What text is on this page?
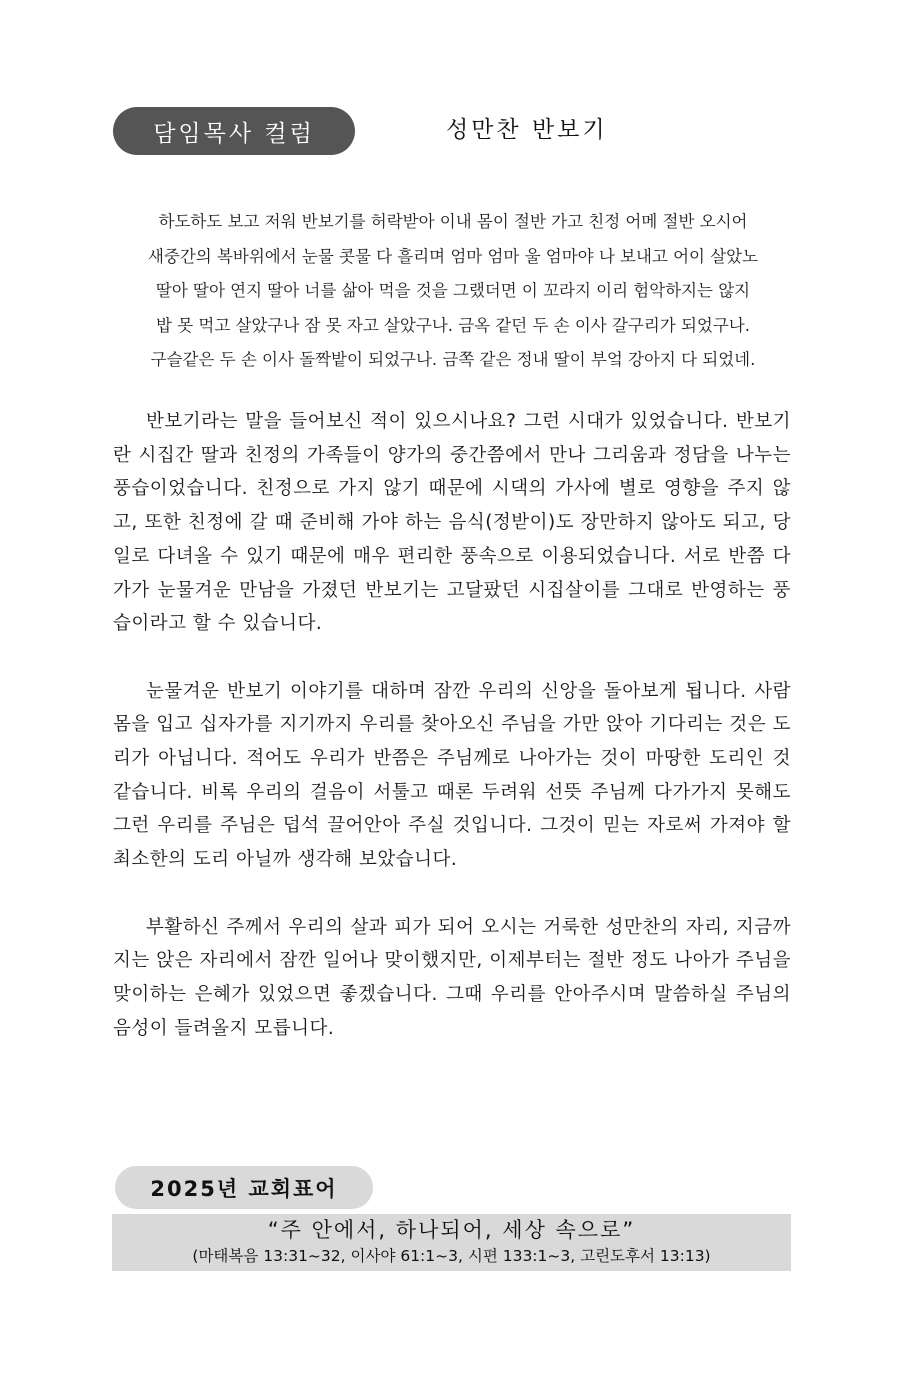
담임목사 컬럼	성만찬 반보기
하도하도 보고 저워 반보기를 허락받아 이내 몸이 절반 가고 친정 어메 절반 오시어
새중간의 복바위에서 눈물 콧물 다 흘리며 엄마 엄마 울 엄마야 나 보내고 어이 살았노
딸아 딸아 연지 딸아 너를 삶아 먹을 것을 그랬더면 이 꼬라지 이리 험악하지는 않지
밥 못 먹고 살았구나 잠 못 자고 살았구나. 금옥 같던 두 손 이사 갈구리가 되었구나.
구슬같은 두 손 이사 돌짝밭이 되었구나. 금쪽 같은 정내 딸이 부엌 강아지 다 되었네.

반보기라는 말을 들어보신 적이 있으시나요? 그런 시대가 있었습니다. 반보기란 시집간 딸과 친정의 가족들이 양가의 중간쯤에서 만나 그리움과 정담을 나누는 풍습이었습니다. 친정으로 가지 않기 때문에 시댁의 가사에 별로 영향을 주지 않고, 또한 친정에 갈 때 준비해 가야 하는 음식(정받이)도 장만하지 않아도 되고, 당일로 다녀올 수 있기 때문에 매우 편리한 풍속으로 이용되었습니다. 서로 반쯤 다가가 눈물겨운 만남을 가졌던 반보기는 고달팠던 시집살이를 그대로 반영하는 풍습이라고 할 수 있습니다.

눈물겨운 반보기 이야기를 대하며 잠깐 우리의 신앙을 돌아보게 됩니다. 사람 몸을 입고 십자가를 지기까지 우리를 찾아오신 주님을 가만 앉아 기다리는 것은 도리가 아닙니다. 적어도 우리가 반쯤은 주님께로 나아가는 것이 마땅한 도리인 것 같습니다. 비록 우리의 걸음이 서툴고 때론 두려워 선뜻 주님께 다가가지 못해도 그런 우리를 주님은 덥석 끌어안아 주실 것입니다. 그것이 믿는 자로써 가져야 할 최소한의 도리 아닐까 생각해 보았습니다.

부활하신 주께서 우리의 살과 피가 되어 오시는 거룩한 성만찬의 자리, 지금까지는 앉은 자리에서 잠깐 일어나 맞이했지만, 이제부터는 절반 정도 나아가 주님을 맞이하는 은혜가 있었으면 좋겠습니다. 그때 우리를 안아주시며 말씀하실 주님의 음성이 들려올지 모릅니다.

2025년 교회표어
“주 안에서, 하나되어, 세상 속으로”
(마태복음 13:31~32, 이사야 61:1~3, 시편 133:1~3, 고린도후서 13:13)
